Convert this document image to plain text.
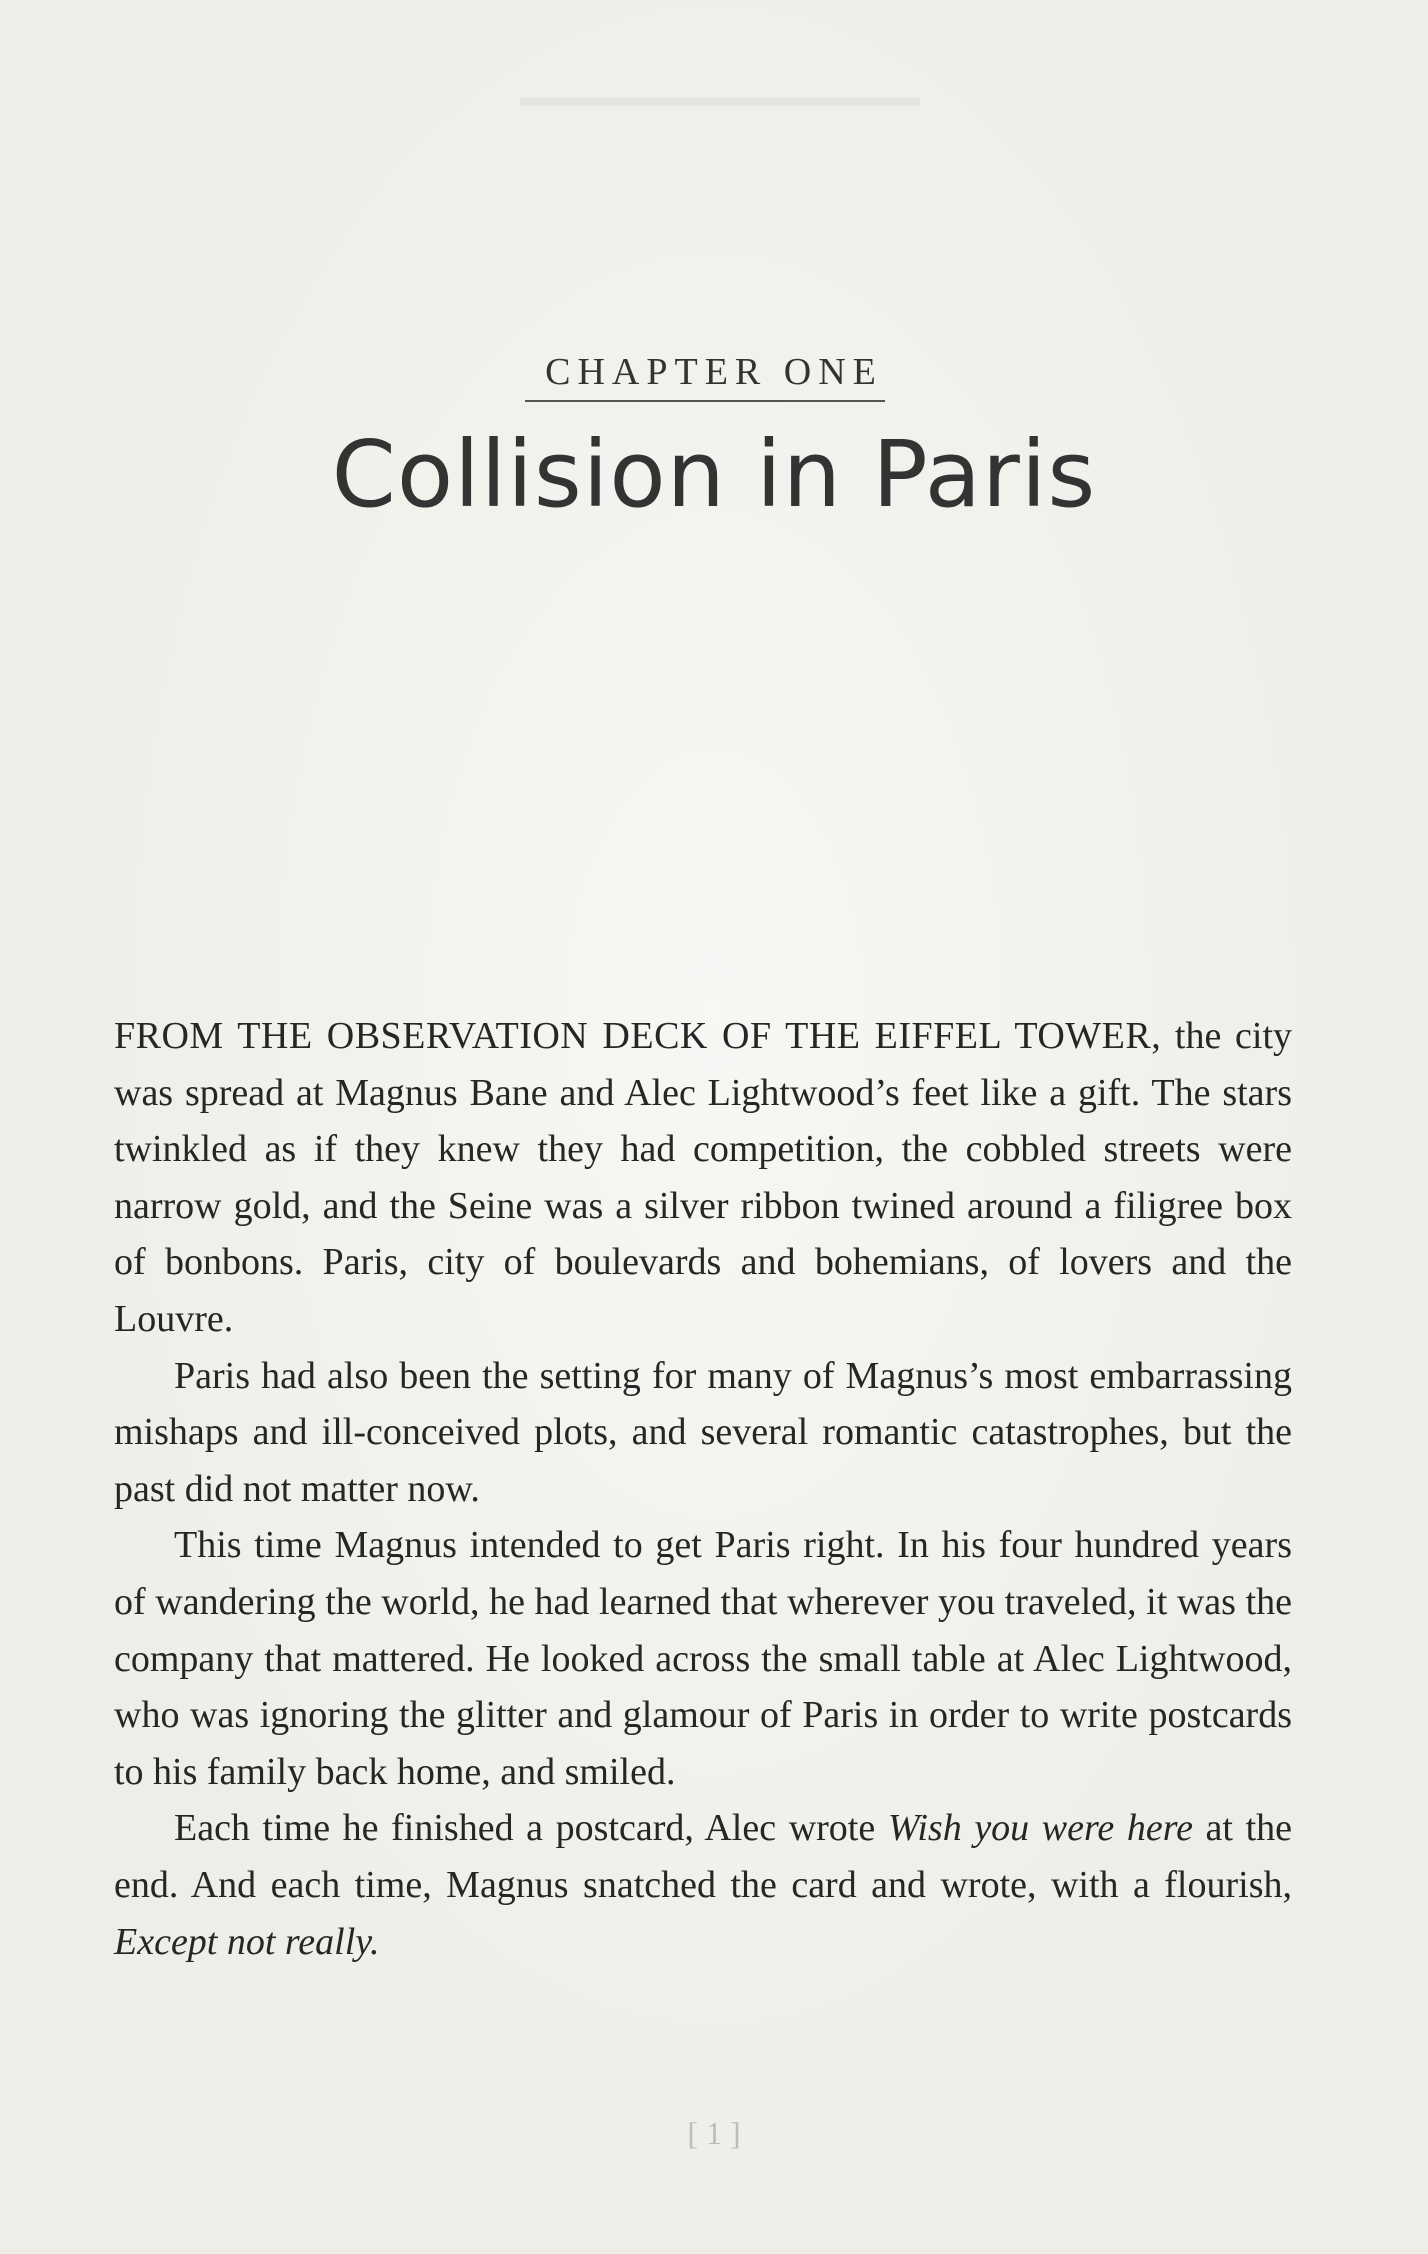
CHAPTER ONE
Collision in Paris

FROM THE OBSERVATION DECK OF THE EIFFEL TOWER, the city was spread at Magnus Bane and Alec Lightwood’s feet like a gift. The stars twinkled as if they knew they had competition, the cobbled streets were narrow gold, and the Seine was a silver ribbon twined around a filigree box of bonbons. Paris, city of boulevards and bohemians, of lovers and the Louvre.

Paris had also been the setting for many of Magnus’s most embarrassing mishaps and ill-conceived plots, and several romantic catastrophes, but the past did not matter now.

This time Magnus intended to get Paris right. In his four hundred years of wandering the world, he had learned that wherever you traveled, it was the company that mattered. He looked across the small table at Alec Lightwood, who was ignoring the glitter and glamour of Paris in order to write postcards to his family back home, and smiled.

Each time he finished a postcard, Alec wrote Wish you were here at the end. And each time, Magnus snatched the card and wrote, with a flourish, Except not really.

[ 1 ]
